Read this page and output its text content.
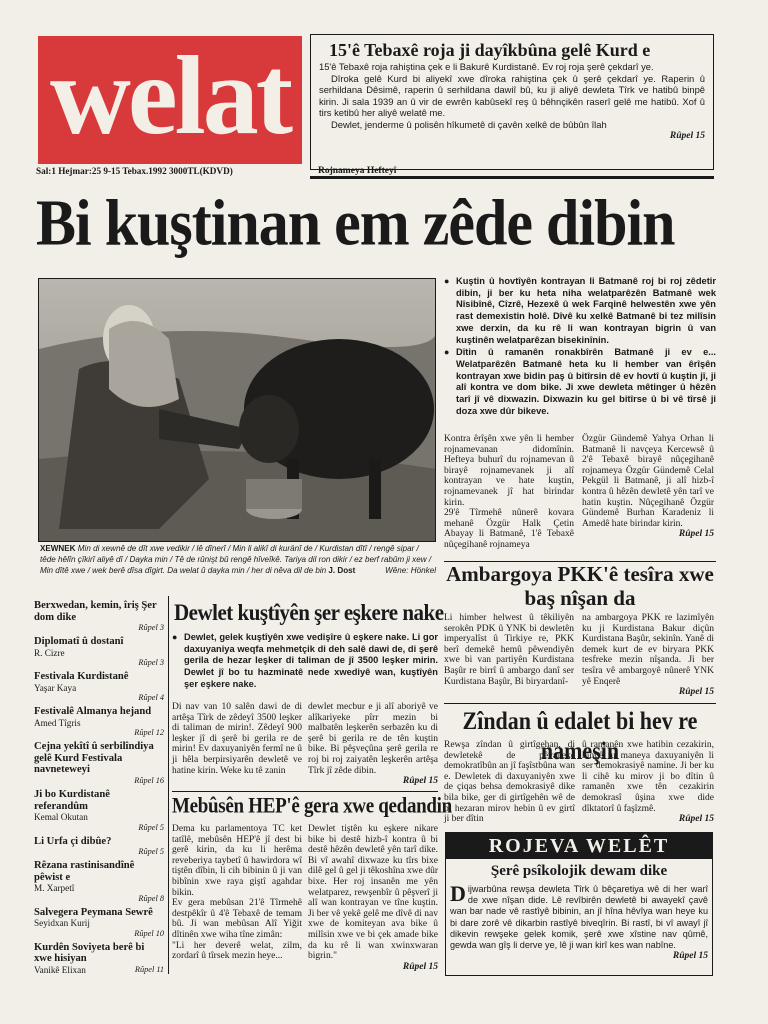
welat
Sal:1 Hejmar:25 9-15 Tebax.1992 3000TL(KDVD)	Rojnameya Hefteyî
15'ê Tebaxê roja ji dayîkbûna gelê Kurd e

15'ê Tebaxê roja rahiştina çek e li Bakurê Kurdistanê. Ev roj roja şerê çekdarî ye.

Dîroka gelê Kurd bi aliyekî xwe dîroka rahiştina çek û şerê çekdarî ye. Raperin û serhildana Dêsimê, raperin û serhildana dawiî bû, ku ji aliyê dewleta Tîrk ve hatibû binpê kirin. Ji sala 1939 an û vir de ewrên kabûsekî reş û bêhnçikên raserî gelê me hatibû. Xof û tirs ketibû her aliyê welatê me.

Dewlet, jenderme û polisên hîkumetê di çavên xelkê de bûbûn îlah

Rûpel 15
Bi kuştinan em zêde dibin
XEWNEK Min di xewnê de dît xwe vedikir / lê dînerî / Min li alikî di kuränî de / Kurdistan dîtî / rengê sipar / têde hêlîn çîkirî aliyê dî / Dayka min / Tê de rûnişt bû rengê hîveîkê. Tariya dil ron dikir / ez berf rabûm ji xew / Min dîtê xwe / wek berê dîsa dîgirt. Da welat û dayka min / her di nêva dil de bin J. Dost	Wêne: Hönkel

● Kuştin û hovtîyên kontrayan li Batmanê roj bi roj zêdetir dibin, ji ber ku heta niha welatparêzên Batmanê wek Nîsibînê, Cîzrê, Hezexê û wek Farqinê helwestên xwe yên rast demexistin holê. Dîvê ku xelkê Batmanê bi tez milîsin xwe derxin, da ku rê li wan kontrayan bigrin û van kuştinên welatparêzan bisekinînin.

● Dîtin û ramanên ronakbîrên Batmanê ji ev e... Welatparêzên Batmanê heta ku li hember van êrîşên kontrayan xwe bidin paş û bitîrsin dê ev hovtî û kuştin jî, ji alî kontra ve dom bike. Ji xwe dewleta mêtinger û hêzên tarî jî vê dixwazin. Dixwazin ku gel bitîrse û bi vê tîrsê ji doza xwe dûr bikeve.

Kontra êrîşên xwe yên li hember rojnamevanan didomînin. Hefteya buhurî du rojnamevan û birayê rojnamevanek ji alî kontrayan ve hate kuştin, rojnamevanek jî hat birindar kirin.
29'ê Tîrmehê nûnerê kovara mehanê Özgür Halk Çetin Abayay li Batmanê, 1'ê Tebaxê nûçegihanê rojnameya
Özgür Gündemê Yahya Orhan li Batmanê li navçeya Kercewsê û 2'ê Tebaxê birayê nûçegihanê rojnameya Özgür Gündemê Celal Pekgül li Batmanê, ji alî hizb-î kontra û hêzên dewletê yên tarî ve hatin kuştin. Nûçegihanê Özgür Gündemê Burhan Karadeniz li Amedê hate birindar kirin.
Rûpel 15
Ambargoya PKK'ê tesîra xwe baş nîşan da
Li himber helwest û têkiliyên serokên PDK û YNK bi dewletên imperyalîst û Tirkiye re, PKK berî demekê hemû pêwendiyên xwe bi van partiyên Kurdistana Başûr re birrî û ambargo danî ser Kurdistana Başûr, Bi biryardanî-
na ambargoya PKK re lazimîyên ku ji Kurdistana Bakur diçûn Kurdistana Başûr, sekinîn. Yanê di demek kurt de ev biryara PKK tesfreke mezin nîşanda. Ji ber tesîra vê ambargoyê nûnerê YNK yê Enqerê
Rûpel 15
Zîndan û edalet bi hev re nameşin
Rewşa zîndan û girtîgehan, di dewletekê de pêvaneke demokratîbûn an jî faşîstbûna wan e. Dewletek di daxuyaniyên xwe de çiqas behsa demokrasiyê dike bila bike, ger di girtîgehên wê de bi hezaran mirov hebin û ev girtî ji ber dîtin
û ramanên xwe hatibin cezakirin, hingê tu maneya daxuyaniyên li ser demokrasiyê namine. Ji ber ku li cihê ku mirov ji bo dîtin û ramanên xwe tên cezakirin demokrasî ûşina xwe dide dîktatorî û faşîzmê.
Rûpel 15
ROJEVA WELÊT
Şerê psîkolojik dewam dike
D ijwarbûna rewşa dewleta Tîrk û bêçaretiya wê di her warî de xwe nîşan dide. Lê revîbirên dewletê bi awayekî çavê wan bar nade vê rastîyê bibinin, an jî hîna hêvîya wan heye ku bi dare zorê vê dikarbin rastîyê biveqîrin. Bi rastî, bi vî awayî jî dikevin rewşeke gelek komik, şerê xwe xîstine nav qûmê, gewda wan gîş li derve ye, lê ji wan kirî kes wan nabîne.
Rûpel 15
Berxwedan, kemin, îriş Şer dom dike
Rûpel 3
Diplomatî û dostanî
R. Cizre
Rûpel 3
Festivala Kurdistanê
Yaşar Kaya
Rûpel 4
Festivalê Almanya hejand
Amed Tîgris
Rûpel 12
Cejna yekîtî û serbilîndiya gelê Kurd Festivala navneteweyi
Rûpel 16
Ji bo Kurdistanê referandûm
Kemal Okutan
Rûpel 5
Li Urfa çi dibûe?
Rûpel 5
Rêzana rastinisandînê pêwist e
M. Xarpetî
Rûpel 8
Salvegera Peymana Sewrê
Seyidxan Kurij
Rûpel 10
Kurdên Soviyeta berê bi xwe hisiyan
Vanikê Elixan	Rûpel 11
Dewlet kuştîyên şer eşkere nake
● Dewlet, gelek kuştîyên xwe vedişîre û eşkere nake. Li gor daxuyaniya weqfa mehmetçik di deh salê dawi de, di şerê gerila de hezar leşker di taliman de jî 3500 leşker mirin. Dewlet jî bo tu hazminatê nede xwediyê wan, kuştîyên şer eşkere nake.
Di nav van 10 salên dawi de di artêşa Tîrk de zêdeyî 3500 leşker di taliman de mirin!. Zêdeyî 900 leşker jî di şerê bi gerila re de mirin! Ev daxuyaniyên fermî ne û ji hêla berpirsiyarên dewletê ve hatine kirin. Weke ku tê zanin
dewlet mecbur e ji alî aboriyê ve alîkariyeke pîrr mezin bi malbatên leşkerên serbazên ku di şerê bi gerila re de tên kuştin bike. Bi pêşveçûna şerê gerila re roj bi roj zaiyatên leşkerên artêşa Tîrk jî zêde dibin.
Rûpel 15
Mebûsên HEP'ê gera xwe qedandin
Dema ku parlamentoya TC ket tatîlê, mebûsên HEP'ê jî dest bi gerê kirin, da ku li herêma reveberiya taybetî û hawirdora wî tiştên dîbin, li cih bibinin û ji van bibînin xwe raya giştî agahdar bikin.
Ev gera mebûsan 21'ê Tîrmehê destpêkîr û 4'ê Tebaxê de temam bû. Ji wan mebûsan Alî Yiğit dîtinên xwe wiha tîne zimân:
"Li her deverê welat, zilm, zordarî û tîrsek mezin heye...
Dewlet tiştên ku eşkere nikare bike bi destê hizb-î kontra û bi destê hêzên dewletê yên tarî dike. Bi vî awahî dixwaze ku tîrs bixe dilê gel û gel ji têkoshîna xwe dûr bixe. Her roj insanên me yên welatparez, rewşenbîr û pêşverî ji alî wan kontrayan ve tîne kuştin. Ji ber vê yekê gelê me dîvê di nav xwe de komiteyan ava bike û milîsin xwe ve bi çek amade bike da ku rê li wan xwinxwaran bigrin."
Rûpel 15
